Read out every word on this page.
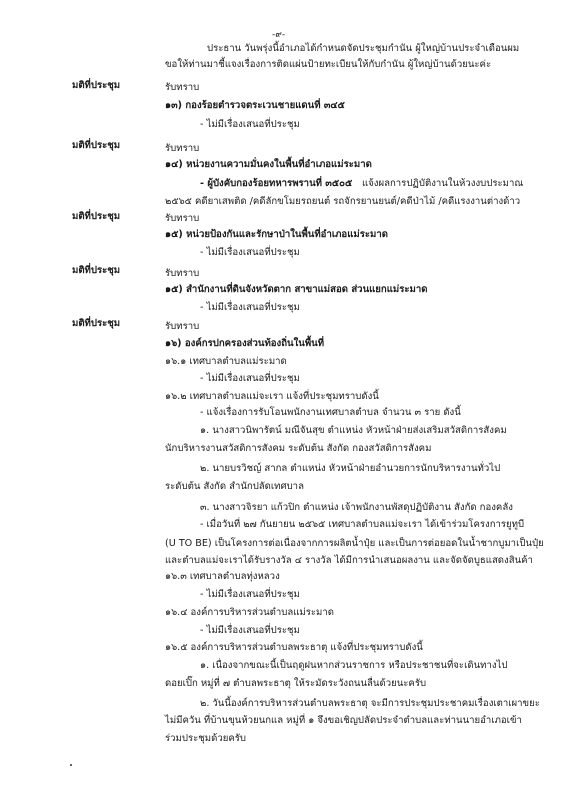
-๙-
ประธาน วันพรุ่งนี้อำเภอได้กำหนดจัดประชุมกำนัน ผู้ใหญ่บ้านประจำเดือนผม
ขอให้ท่านมาชี้แจงเรื่องการติดแผ่นป้ายทะเบียนให้กับกำนัน ผู้ใหญ่บ้านด้วยนะค่ะ
มติที่ประชุม	รับทราบ
๑๓) กองร้อยตำรวจตระเวนชายแดนที่ ๓๔๕
- ไม่มีเรื่องเสนอที่ประชุม
มติที่ประชุม	รับทราบ
๑๔) หน่วยงานความมั่นคงในพื้นที่อำเภอแม่ระมาด
- ผู้บังคับกองร้อยทหารพรานที่ ๓๕๐๕ แจ้งผลการปฏิบัติงานในห้วงงบประมาณ
๒๕๖๕ คดียาเสพติด /คดีลักขโมยรถยนต์ รถจักรยานยนต์/คดีป่าไม้ /คดีแรงงานต่างด้าว
มติที่ประชุม	รับทราบ
๑๕) หน่วยป้องกันและรักษาป่าในพื้นที่อำเภอแม่ระมาด
- ไม่มีเรื่องเสนอที่ประชุม
มติที่ประชุม	รับทราบ
๑๕) สำนักงานที่ดินจังหวัดตาก สาขาแม่สอด ส่วนแยกแม่ระมาด
- ไม่มีเรื่องเสนอที่ประชุม
มติที่ประชุม	รับทราบ
๑๖) องค์กรปกครองส่วนท้องถิ่นในพื้นที่
๑๖.๑ เทศบาลตำบลแม่ระมาด
- ไม่มีเรื่องเสนอที่ประชุม
๑๖.๒ เทศบาลตำบลแม่จะเรา แจ้งที่ประชุมทราบดังนี้
- แจ้งเรื่องการรับโอนพนักงานเทศบาลตำบล จำนวน ๓ ราย ดังนี้
๑. นางสาวนิพารัตน์ มณีจันสุข ตำแหน่ง หัวหน้าฝ่ายส่งเสริมสวัสดิการสังคม
นักบริหารงานสวัสดิการสังคม ระดับต้น สังกัด กองสวัสดิการสังคม
๒. นายบรวิชญ์ สากล ตำแหน่ง หัวหน้าฝ่ายอำนวยการนักบริหารงานทั่วไป
ระดับต้น สังกัด สำนักปลัดเทศบาล
๓. นางสาวจิรยา แก้วปิก ตำแหน่ง เจ้าพนักงานพัสดุปฏิบัติงาน สังกัด กองคลัง
- เมื่อวันที่ ๒๗ กันยายน ๒๕๖๕ เทศบาลตำบลแม่จะเรา ได้เข้าร่วมโครงการยูทูบี
(U TO BE) เป็นโครงการต่อเนื่องจากการผลิตน้ำปุ๋ย และเป็นการต่อยอดในน้ำชากบูมาเป็นปุ๋ย
และตำบลแม่จะเราได้รับรางวัล ๔ รางวัล ได้มีการนำเสนอผลงาน และจัดจัดบูธแสดงสินค้า
๑๖.๓ เทศบาลตำบลทุ่งหลวง
- ไม่มีเรื่องเสนอที่ประชุม
๑๖.๔ องค์การบริหารส่วนตำบลแม่ระมาด
- ไม่มีเรื่องเสนอที่ประชุม
๑๖.๕ องค์การบริหารส่วนตำบลพระธาตุ แจ้งที่ประชุมทราบดังนี้
๑. เนื่องจากขณะนี้เป็นฤดูฝนหากส่วนราชการ หรือประชาชนที่จะเดินทางไป
ดอยเปิ๊ก หมู่ที่ ๗ ตำบลพระธาตุ ให้ระมัดระวังถนนลื่นด้วยนะครับ
๒. วันนี้องค์การบริหารส่วนตำบลพระธาตุ จะมีการประชุมประชาคมเรื่องเตาเผาขยะ
ไม่มีควัน ที่บ้านขุนห้วยนกแล หมู่ที่ ๑ จึงขอเชิญปลัดประจำตำบลและท่านนายอำเภอเข้า
ร่วมประชุมด้วยครับ
